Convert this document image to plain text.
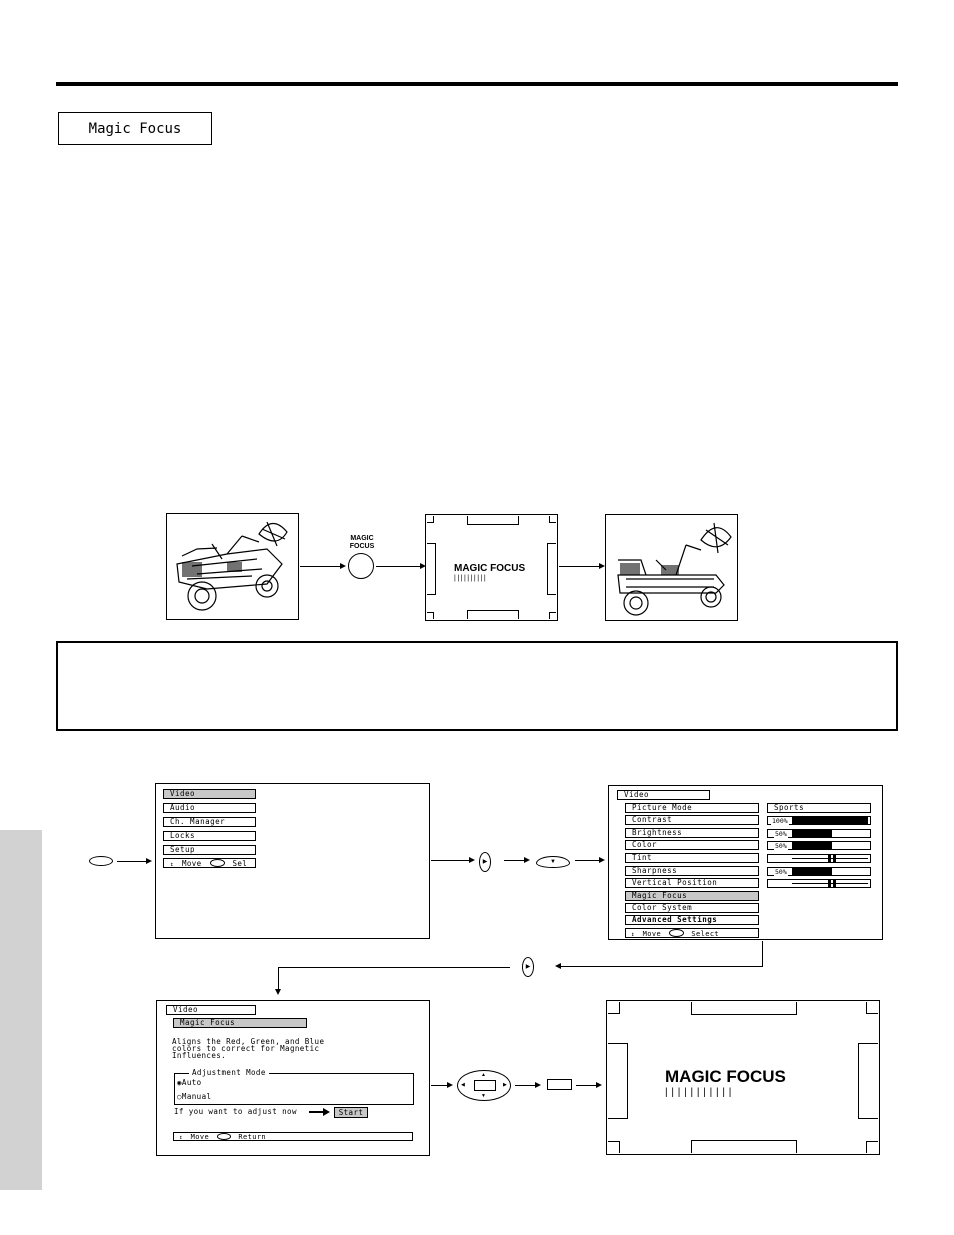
Magic Focus
MAGIC
FOCUS
MAGIC FOCUS
||||||||||
Video
Audio
Ch. Manager
Locks
Setup
↕ Move	Sel	▶	▼
Video
Picture Mode
Contrast
Brightness
Color
Tint
Sharpness
Vertical Position
Magic Focus
Color System
Advanced Settings
↕ Move	Select
Sports
100%
50%
50%
50%
▶
Video
Magic Focus
Aligns the Red, Green, and Blue
colors to correct for Magnetic
Influences.
Adjustment Mode
◉Auto
○Manual
If you want to adjust now	Start
↕ Move	Return
▲
▼
◀	▶	MAGIC FOCUS
| | | | | | | | | | |
